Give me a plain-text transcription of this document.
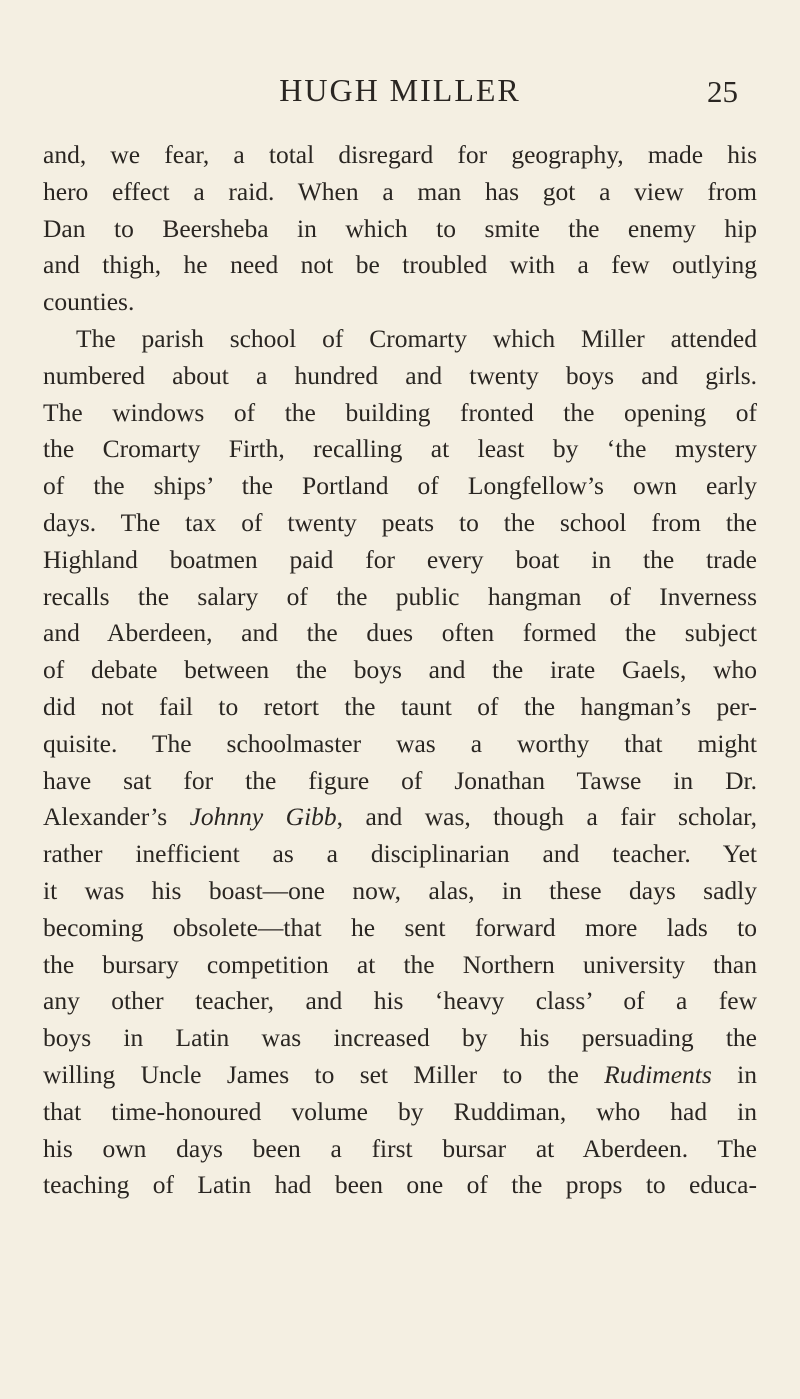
HUGH MILLER	25
and, we fear, a total disregard for geography, made his
hero effect a raid. When a man has got a view from
Dan to Beersheba in which to smite the enemy hip
and thigh, he need not be troubled with a few outlying
counties.
The parish school of Cromarty which Miller attended
numbered about a hundred and twenty boys and girls.
The windows of the building fronted the opening of
the Cromarty Firth, recalling at least by ‘the mystery
of the ships’ the Portland of Longfellow’s own early
days. The tax of twenty peats to the school from the
Highland boatmen paid for every boat in the trade
recalls the salary of the public hangman of Inverness
and Aberdeen, and the dues often formed the subject
of debate between the boys and the irate Gaels, who
did not fail to retort the taunt of the hangman’s per-
quisite. The schoolmaster was a worthy that might
have sat for the figure of Jonathan Tawse in Dr.
Alexander’s Johnny Gibb, and was, though a fair scholar,
rather inefficient as a disciplinarian and teacher. Yet
it was his boast—one now, alas, in these days sadly
becoming obsolete—that he sent forward more lads to
the bursary competition at the Northern university than
any other teacher, and his ‘heavy class’ of a few
boys in Latin was increased by his persuading the
willing Uncle James to set Miller to the Rudiments in
that time-honoured volume by Ruddiman, who had in
his own days been a first bursar at Aberdeen. The
teaching of Latin had been one of the props to educa-
